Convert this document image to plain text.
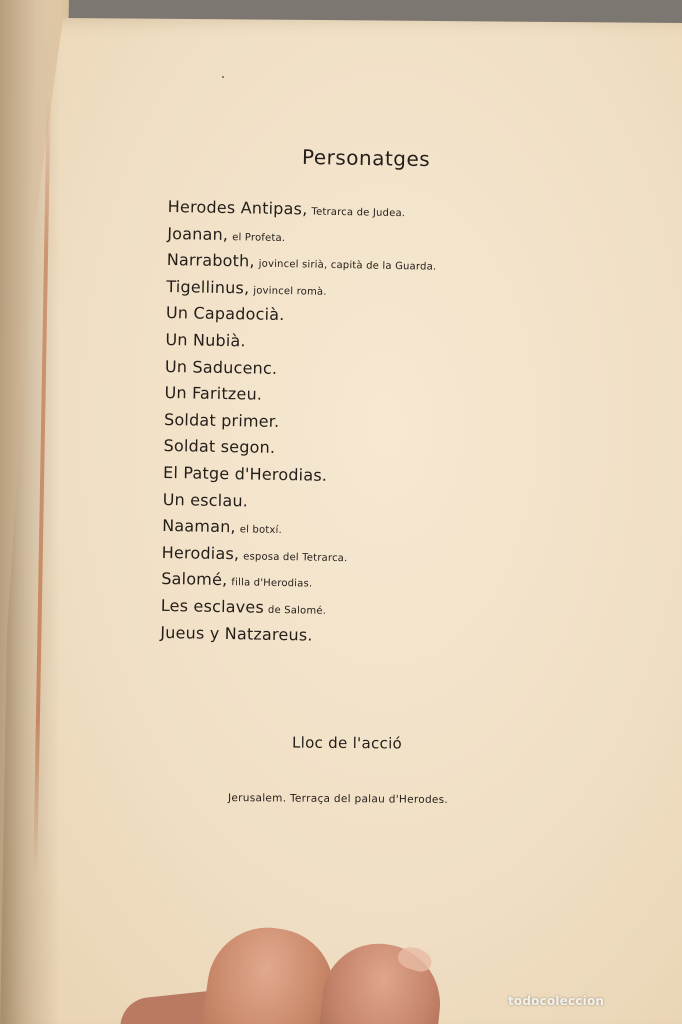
Personatges
Herodes Antipas, Tetrarca de Judea.
Joanan, el Profeta.
Narraboth, jovincel sirià, capità de la Guarda.
Tigellinus, jovincel romà.
Un Capadocià.
Un Nubià.
Un Saducenc.
Un Faritzeu.
Soldat primer.
Soldat segon.
El Patge d'Herodias.
Un esclau.
Naaman, el botxí.
Herodias, esposa del Tetrarca.
Salomé, filla d'Herodias.
Les esclaves de Salomé.
Jueus y Natzareus.
Lloc de l'acció
Jerusalem. Terraça del palau d'Herodes.
todocoleccion
